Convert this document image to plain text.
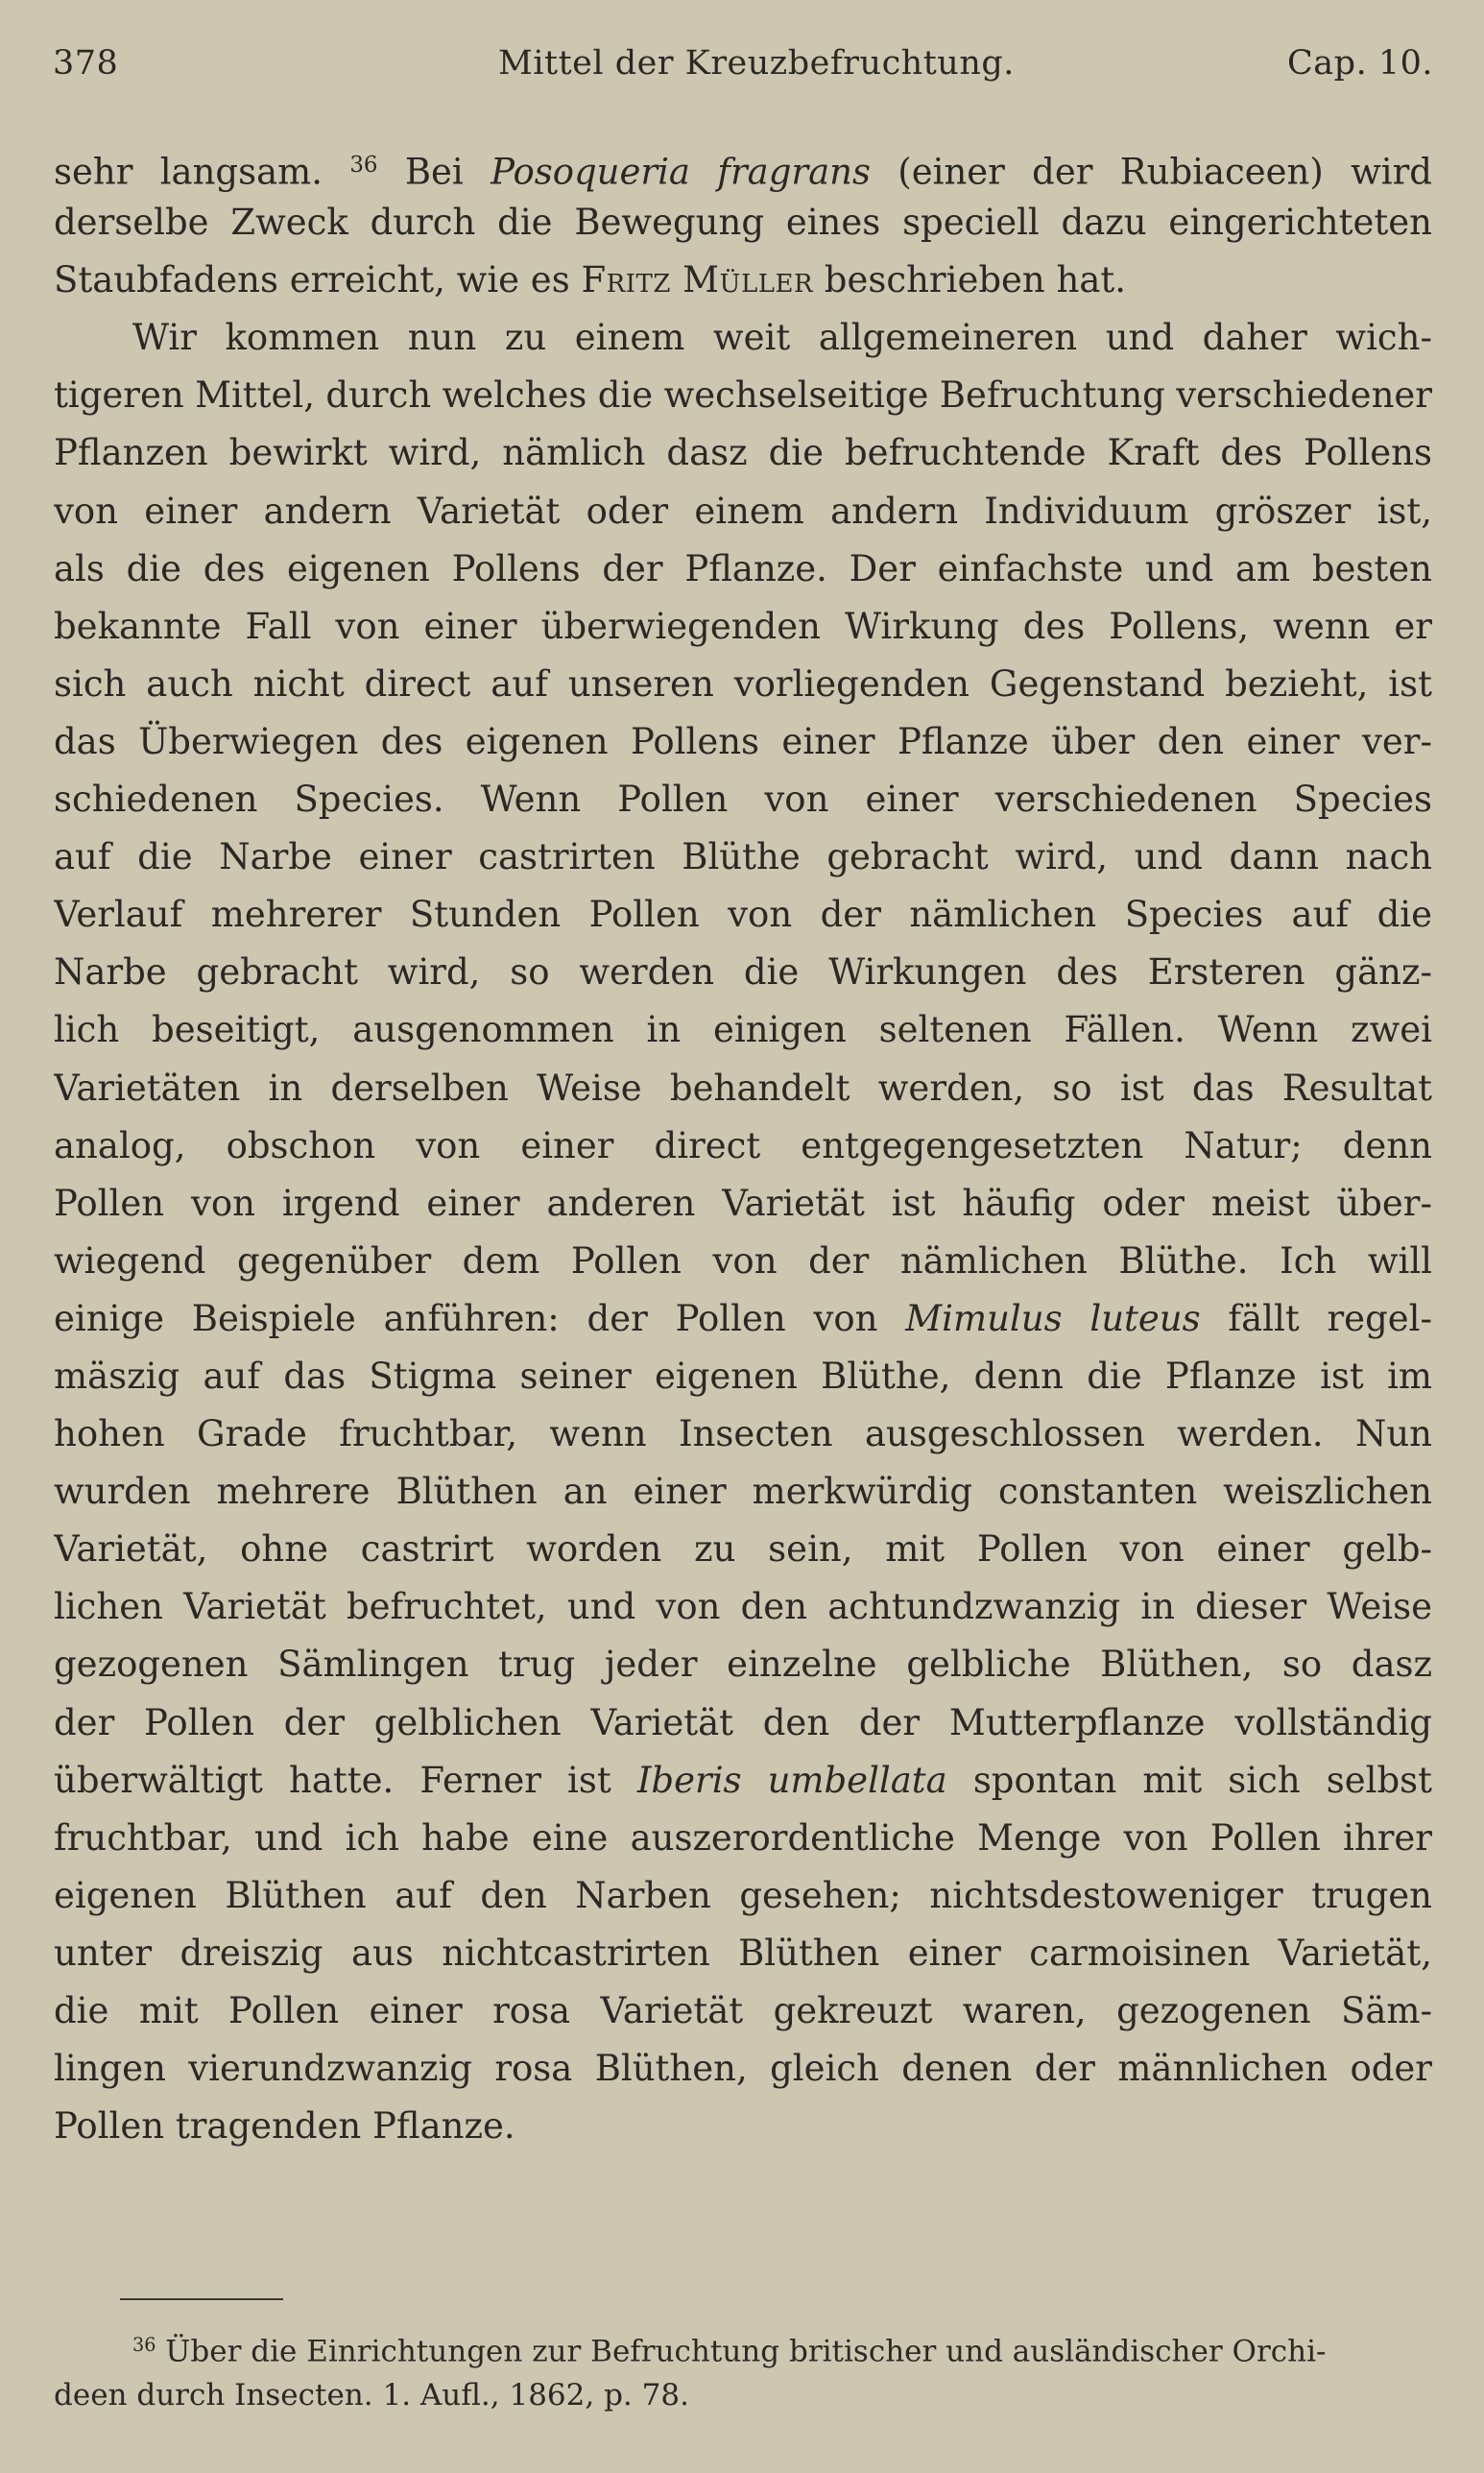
378	Mittel der Kreuzbefruchtung.	Cap. 10.
sehr langsam. $^{36}$ Bei Posoqueria fragrans (einer der Rubiaceen) wird
derselbe Zweck durch die Bewegung eines speciell dazu eingerichteten
Staubfadens erreicht, wie es Fritz Müller beschrieben hat.
Wir kommen nun zu einem weit allgemeineren und daher wich-
tigeren Mittel, durch welches die wechselseitige Befruchtung verschiedener
Pflanzen bewirkt wird, nämlich dasz die befruchtende Kraft des Pollens
von einer andern Varietät oder einem andern Individuum gröszer ist,
als die des eigenen Pollens der Pflanze. Der einfachste und am besten
bekannte Fall von einer überwiegenden Wirkung des Pollens, wenn er
sich auch nicht direct auf unseren vorliegenden Gegenstand bezieht, ist
das Überwiegen des eigenen Pollens einer Pflanze über den einer ver-
schiedenen Species. Wenn Pollen von einer verschiedenen Species
auf die Narbe einer castrirten Blüthe gebracht wird, und dann nach
Verlauf mehrerer Stunden Pollen von der nämlichen Species auf die
Narbe gebracht wird, so werden die Wirkungen des Ersteren gänz-
lich beseitigt, ausgenommen in einigen seltenen Fällen. Wenn zwei
Varietäten in derselben Weise behandelt werden, so ist das Resultat
analog, obschon von einer direct entgegengesetzten Natur; denn
Pollen von irgend einer anderen Varietät ist häufig oder meist über-
wiegend gegenüber dem Pollen von der nämlichen Blüthe. Ich will
einige Beispiele anführen: der Pollen von Mimulus luteus fällt regel-
mäszig auf das Stigma seiner eigenen Blüthe, denn die Pflanze ist im
hohen Grade fruchtbar, wenn Insecten ausgeschlossen werden. Nun
wurden mehrere Blüthen an einer merkwürdig constanten weiszlichen
Varietät, ohne castrirt worden zu sein, mit Pollen von einer gelb-
lichen Varietät befruchtet, und von den achtundzwanzig in dieser Weise
gezogenen Sämlingen trug jeder einzelne gelbliche Blüthen, so dasz
der Pollen der gelblichen Varietät den der Mutterpflanze vollständig
überwältigt hatte. Ferner ist Iberis umbellata spontan mit sich selbst
fruchtbar, und ich habe eine auszerordentliche Menge von Pollen ihrer
eigenen Blüthen auf den Narben gesehen; nichtsdestoweniger trugen
unter dreiszig aus nichtcastrirten Blüthen einer carmoisinen Varietät,
die mit Pollen einer rosa Varietät gekreuzt waren, gezogenen Säm-
lingen vierundzwanzig rosa Blüthen, gleich denen der männlichen oder
Pollen tragenden Pflanze.
$^{36}$ Über die Einrichtungen zur Befruchtung britischer und ausländischer Orchi-
deen durch Insecten. 1. Aufl., 1862, p. 78.
